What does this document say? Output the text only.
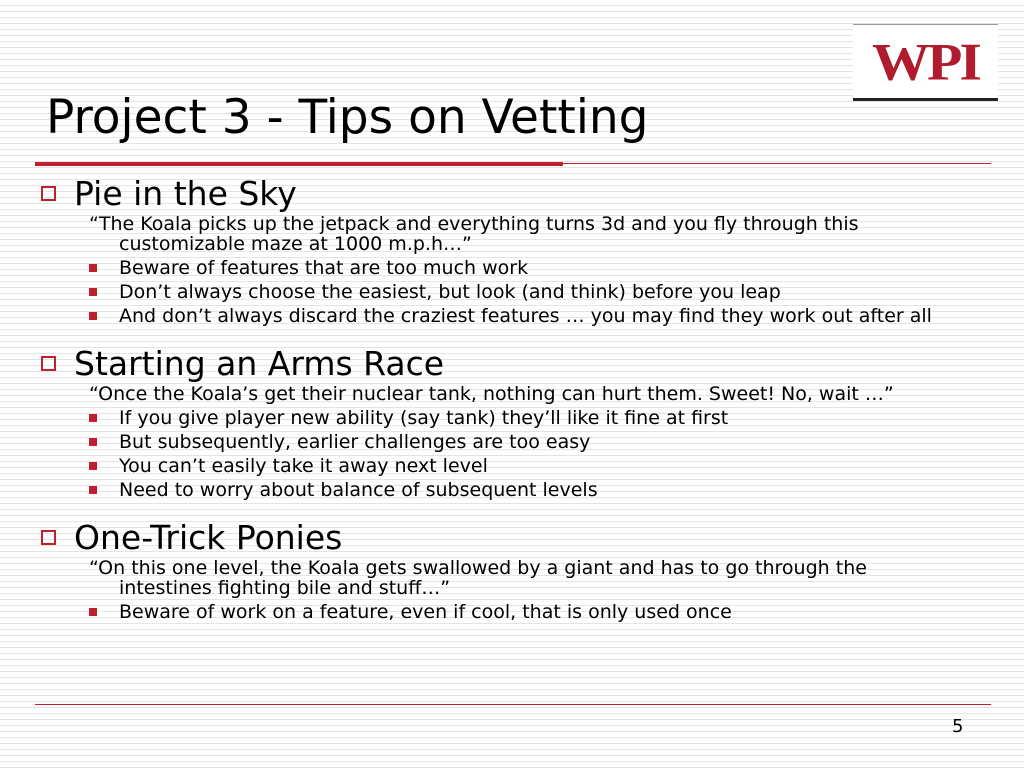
WPI
Project 3 - Tips on Vetting
Pie in the Sky
“The Koala picks up the jetpack and everything turns 3d and you fly through this customizable maze at 1000 m.p.h…”
Beware of features that are too much work
Don’t always choose the easiest, but look (and think) before you leap
And don’t always discard the craziest features … you may find they work out after all
Starting an Arms Race
“Once the Koala’s get their nuclear tank, nothing can hurt them. Sweet! No, wait …”
If you give player new ability (say tank) they’ll like it fine at first
But subsequently, earlier challenges are too easy
You can’t easily take it away next level
Need to worry about balance of subsequent levels
One-Trick Ponies
“On this one level, the Koala gets swallowed by a giant and has to go through the intestines fighting bile and stuff…”
Beware of work on a feature, even if cool, that is only used once
5
